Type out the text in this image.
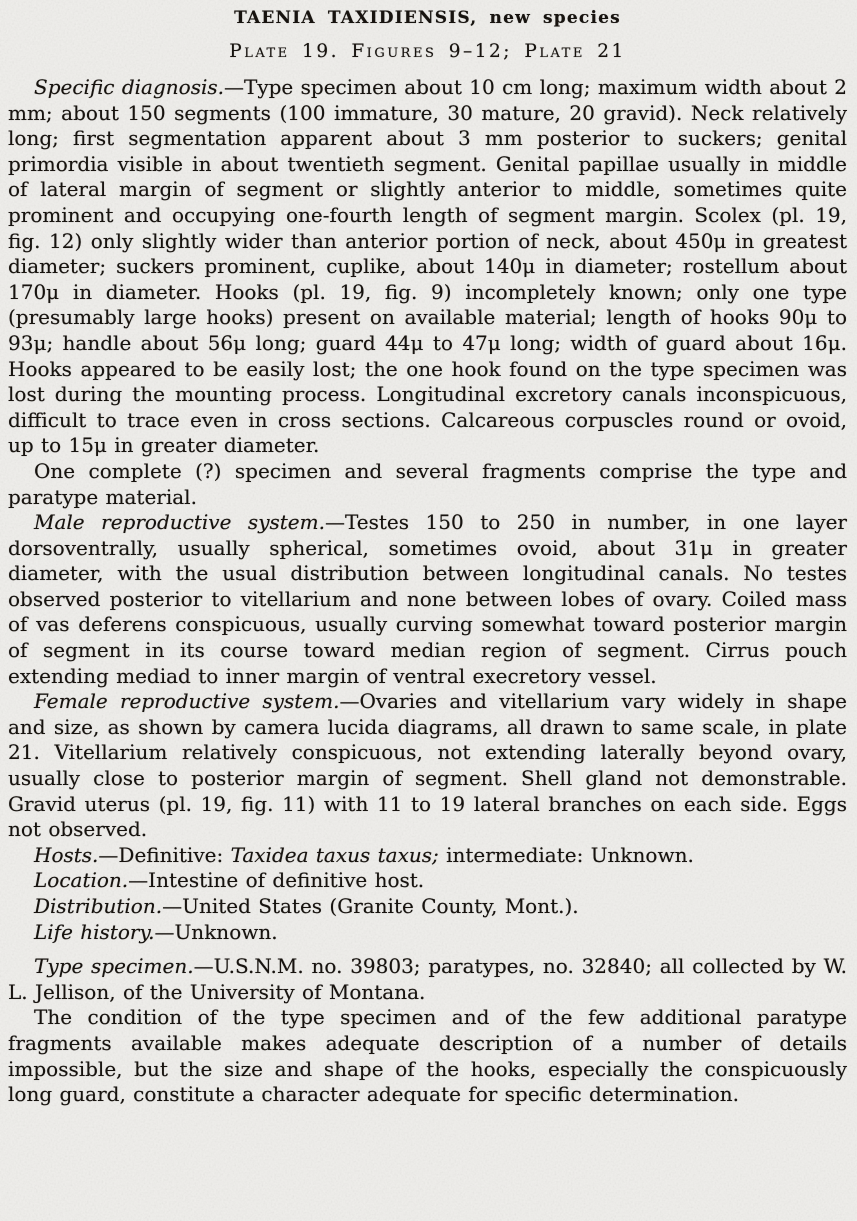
TAENIA TAXIDIENSIS, new species
Plate 19. Figures 9–12; Plate 21

Specific diagnosis.—Type specimen about 10 cm long; maximum width about 2 mm; about 150 segments (100 immature, 30 mature, 20 gravid). Neck relatively long; first segmentation apparent about 3 mm posterior to suckers; genital primordia visible in about twentieth segment. Genital papillae usually in middle of lateral margin of segment or slightly anterior to middle, sometimes quite prominent and occupying one-fourth length of segment margin. Scolex (pl. 19, fig. 12) only slightly wider than anterior portion of neck, about 450μ in greatest diameter; suckers prominent, cuplike, about 140μ in diameter; rostellum about 170μ in diameter. Hooks (pl. 19, fig. 9) incompletely known; only one type (presumably large hooks) present on available material; length of hooks 90μ to 93μ; handle about 56μ long; guard 44μ to 47μ long; width of guard about 16μ. Hooks appeared to be easily lost; the one hook found on the type specimen was lost during the mounting process. Longitudinal excretory canals inconspicuous, difficult to trace even in cross sections. Calcareous corpuscles round or ovoid, up to 15μ in greater diameter.

One complete (?) specimen and several fragments comprise the type and paratype material.

Male reproductive system.—Testes 150 to 250 in number, in one layer dorsoventrally, usually spherical, sometimes ovoid, about 31μ in greater diameter, with the usual distribution between longitudinal canals. No testes observed posterior to vitellarium and none between lobes of ovary. Coiled mass of vas deferens conspicuous, usually curving somewhat toward posterior margin of segment in its course toward median region of segment. Cirrus pouch extending mediad to inner margin of ventral execretory vessel.

Female reproductive system.—Ovaries and vitellarium vary widely in shape and size, as shown by camera lucida diagrams, all drawn to same scale, in plate 21. Vitellarium relatively conspicuous, not extending laterally beyond ovary, usually close to posterior margin of segment. Shell gland not demonstrable. Gravid uterus (pl. 19, fig. 11) with 11 to 19 lateral branches on each side. Eggs not observed.

Hosts.—Definitive: Taxidea taxus taxus; intermediate: Unknown.

Location.—Intestine of definitive host.

Distribution.—United States (Granite County, Mont.).

Life history.—Unknown.

Type specimen.—U.S.N.M. no. 39803; paratypes, no. 32840; all collected by W. L. Jellison, of the University of Montana.

The condition of the type specimen and of the few additional paratype fragments available makes adequate description of a number of details impossible, but the size and shape of the hooks, especially the conspicuously long guard, constitute a character adequate for specific determination.
